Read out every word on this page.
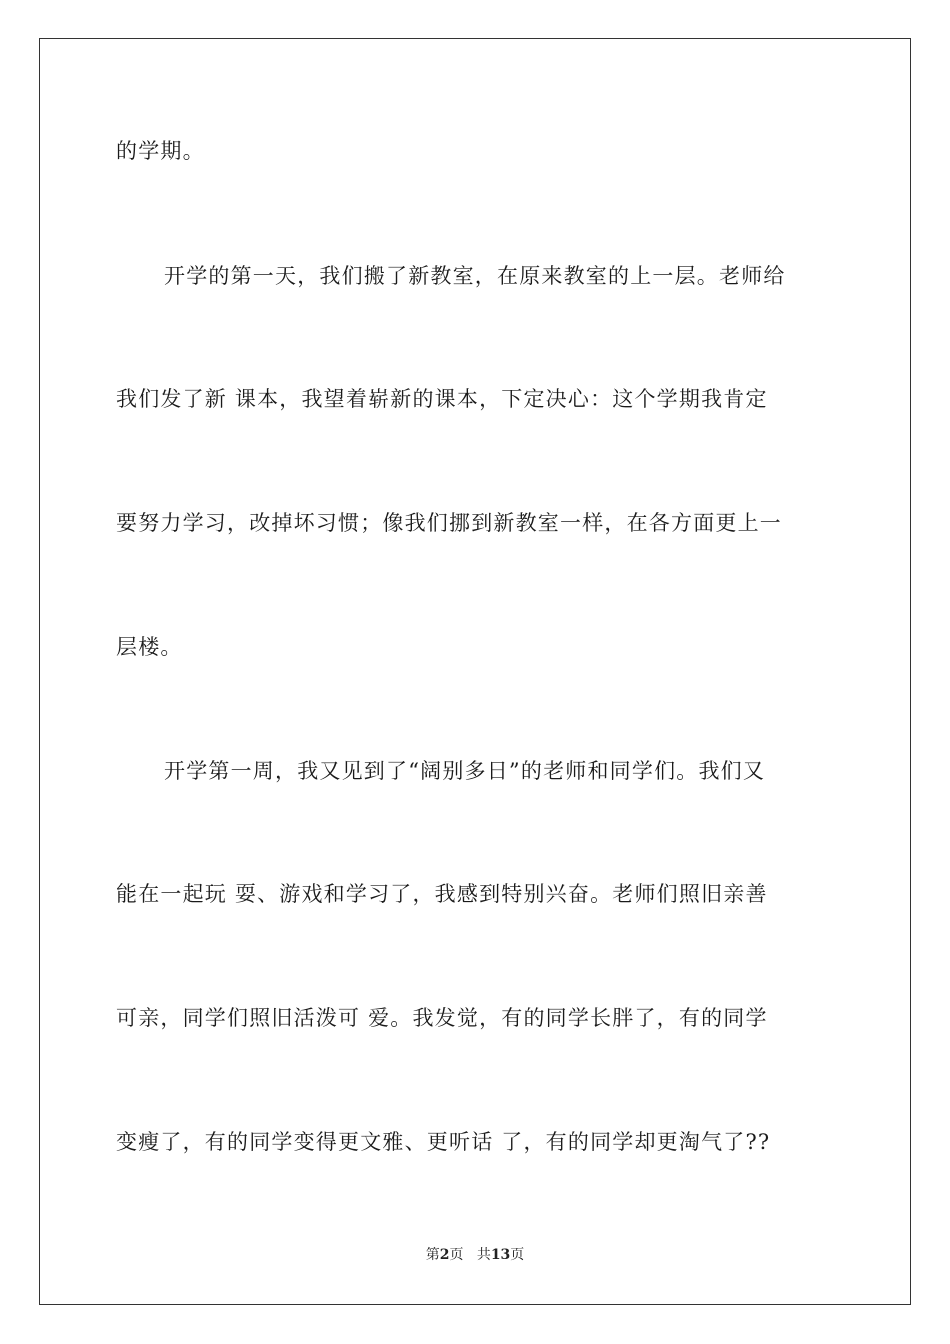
的学期。
开学的第一天，我们搬了新教室，在原来教室的上一层。老师给
我们发了新 课本，我望着崭新的课本，下定决心：这个学期我肯定
要努力学习，改掉坏习惯；像我们挪到新教室一样，在各方面更上一
层楼。
开学第一周，我又见到了“阔别多日”的老师和同学们。我们又
能在一起玩 耍、游戏和学习了，我感到特别兴奋。老师们照旧亲善
可亲，同学们照旧活泼可 爱。我发觉，有的同学长胖了，有的同学
变瘦了，有的同学变得更文雅、更听话 了，有的同学却更淘气了??
第2页 共13页
